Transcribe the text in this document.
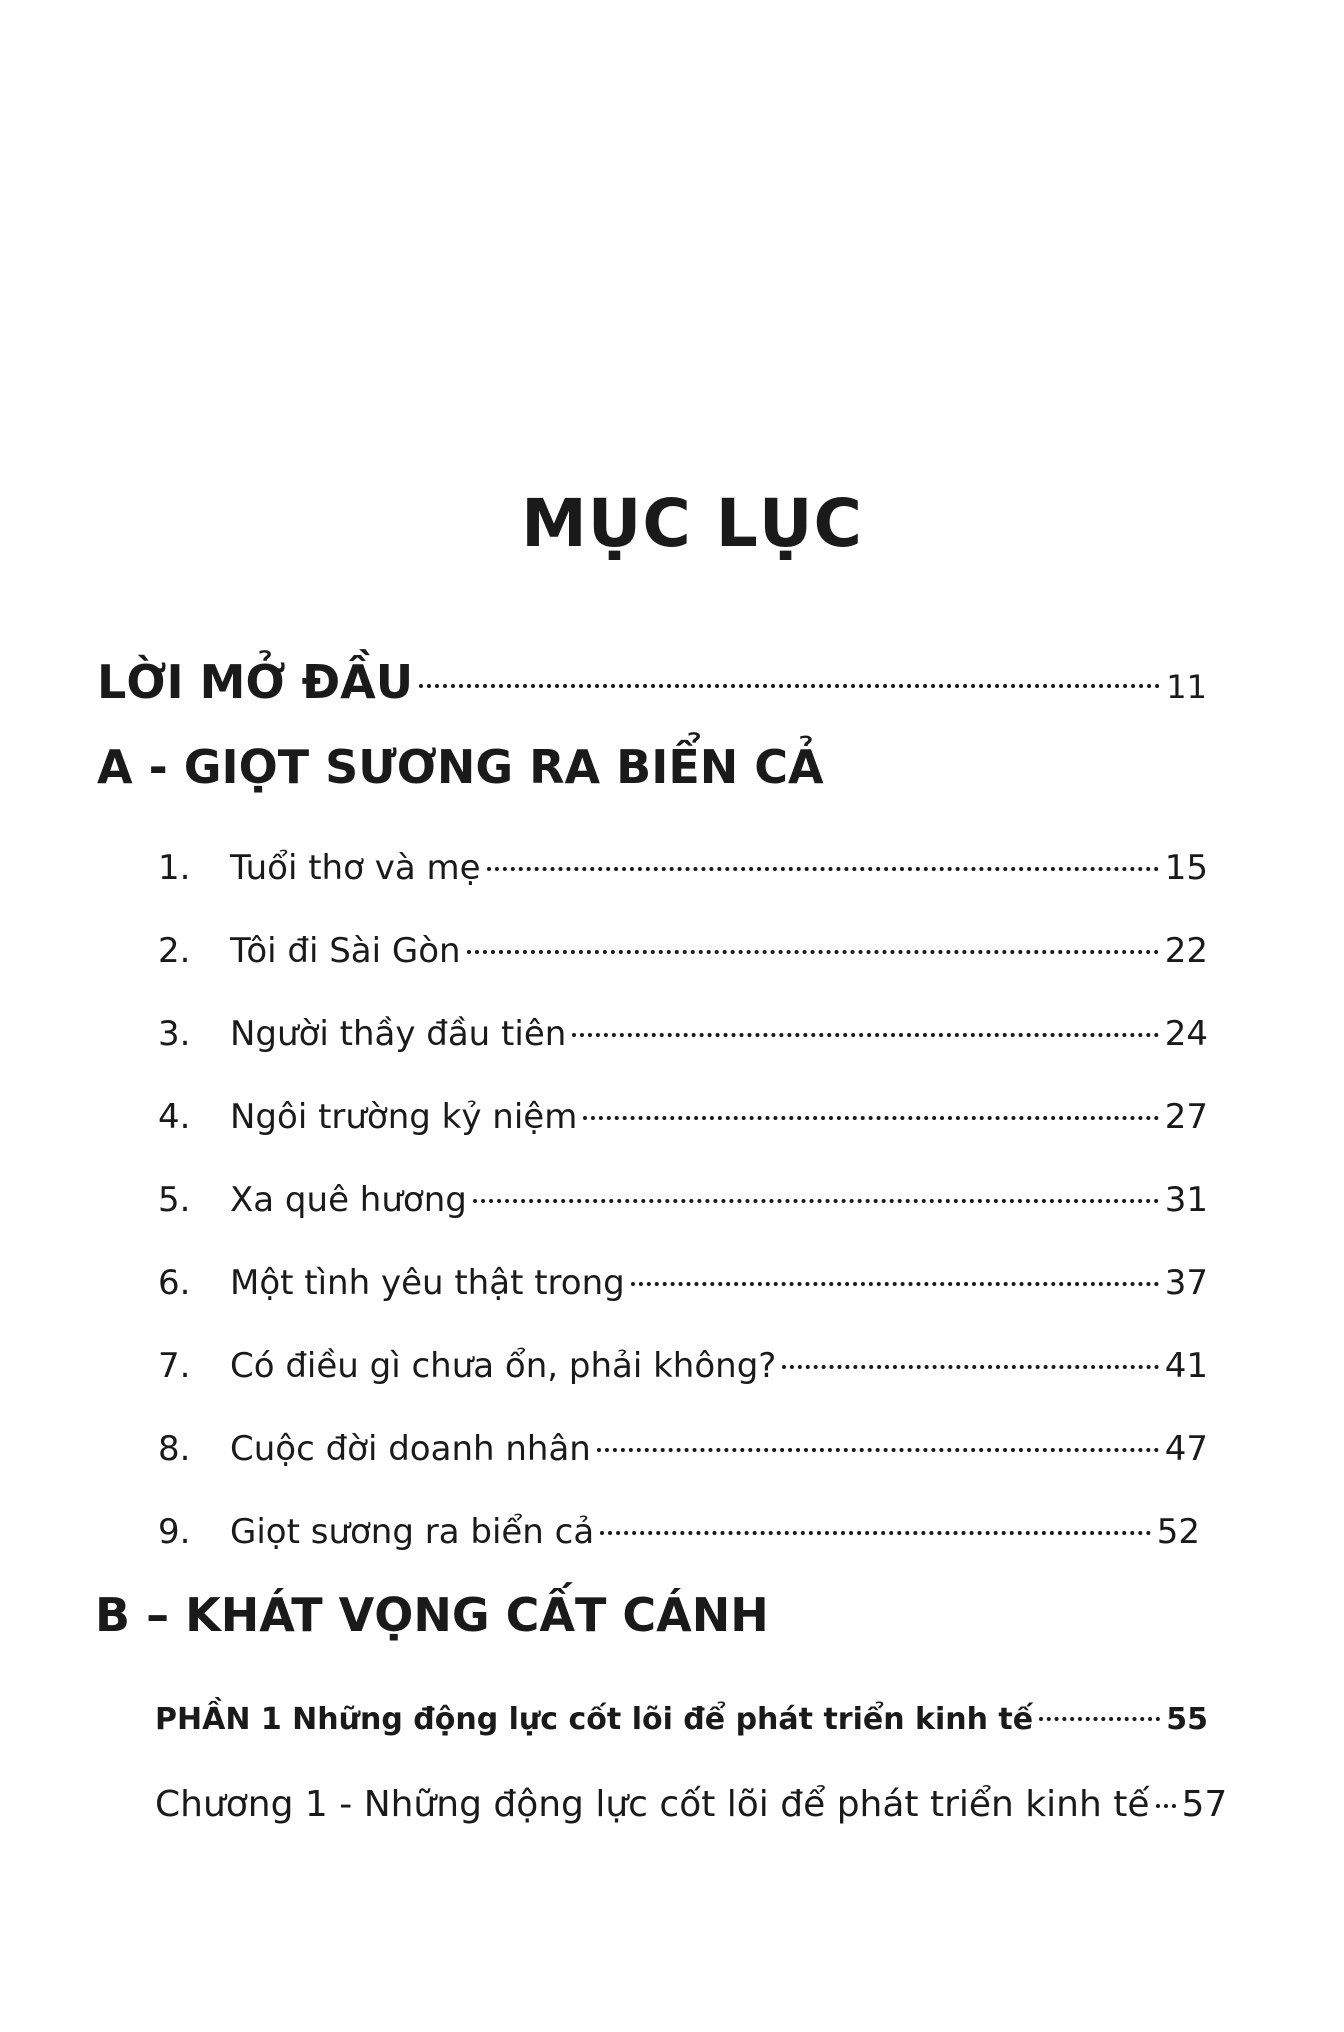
MỤC LỤC
LỜI MỞ ĐẦU	11
A - GIỌT SƯƠNG RA BIỂN CẢ
1.	Tuổi thơ và mẹ	15
2.	Tôi đi Sài Gòn	22
3.	Người thầy đầu tiên	24
4.	Ngôi trường kỷ niệm	27
5.	Xa quê hương	31
6.	Một tình yêu thật trong	37
7.	Có điều gì chưa ổn, phải không?	41
8.	Cuộc đời doanh nhân	47
9.	Giọt sương ra biển cả	52
B – KHÁT VỌNG CẤT CÁNH
PHẦN 1 Những động lực cốt lõi để phát triển kinh tế	55
Chương 1 - Những động lực cốt lõi để phát triển kinh tế 57
